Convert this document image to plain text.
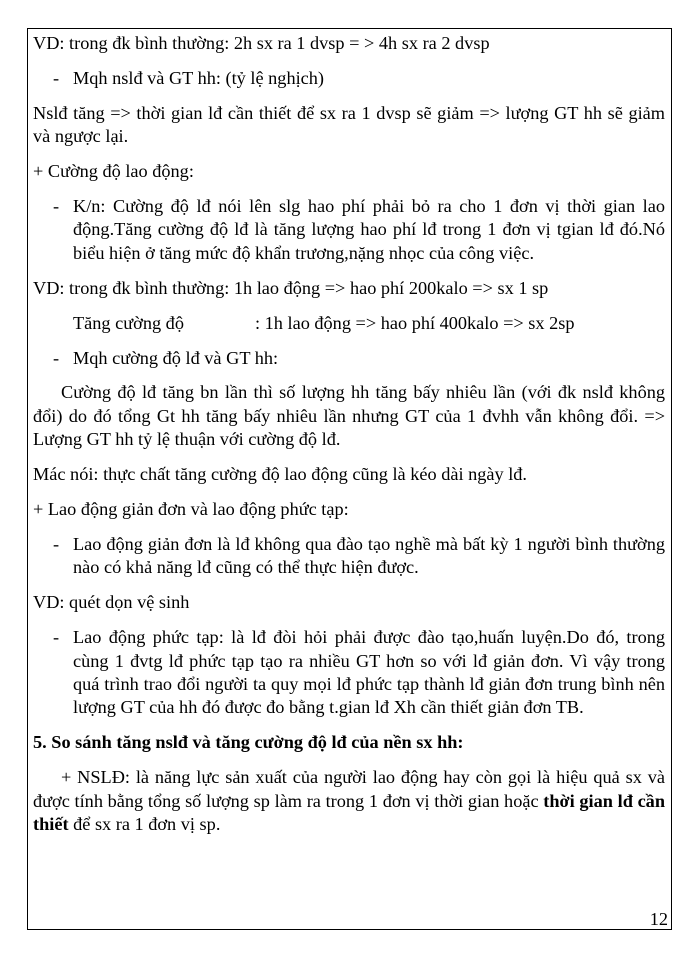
VD: trong đk bình thường: 2h sx ra 1 dvsp = > 4h sx ra 2 dvsp

- Mqh nslđ và GT hh: (tỷ lệ nghịch)

Nslđ tăng => thời gian lđ cần thiết để sx ra 1 dvsp sẽ giảm => lượng GT hh sẽ giảm và ngược lại.

+ Cường độ lao động:

- K/n: Cường độ lđ nói lên slg hao phí phải bỏ ra cho 1 đơn vị thời gian lao động.Tăng cường độ lđ là tăng lượng hao phí lđ trong 1 đơn vị tgian lđ đó.Nó biểu hiện ở tăng mức độ khẩn trương,nặng nhọc của công việc.

VD: trong đk bình thường: 1h lao động => hao phí 200kalo => sx 1 sp

Tăng cường độ	: 1h lao động => hao phí 400kalo => sx 2sp

- Mqh cường độ lđ và GT hh:

Cường độ lđ tăng bn lần thì số lượng hh tăng bấy nhiêu lần (với đk nslđ không đổi) do đó tổng Gt hh tăng bấy nhiêu lần nhưng GT của 1 đvhh vẫn không đổi. => Lượng GT hh tỷ lệ thuận với cường độ lđ.

Mác nói: thực chất tăng cường độ lao động cũng là kéo dài ngày lđ.

+ Lao động giản đơn và lao động phức tạp:

- Lao động giản đơn là lđ không qua đào tạo nghề mà bất kỳ 1 người bình thường nào có khả năng lđ cũng có thể thực hiện được.

VD: quét dọn vệ sinh

- Lao động phức tạp: là lđ đòi hỏi phải được đào tạo,huấn luyện.Do đó, trong cùng 1 đvtg lđ phức tạp tạo ra nhiều GT hơn so với lđ giản đơn. Vì vậy trong quá trình trao đổi người ta quy mọi lđ phức tạp thành lđ giản đơn trung bình nên lượng GT của hh đó được đo bằng t.gian lđ Xh cần thiết giản đơn TB.

5. So sánh tăng nslđ và tăng cường độ lđ của nền sx hh:

+ NSLĐ: là năng lực sản xuất của người lao động hay còn gọi là hiệu quả sx và được tính bằng tổng số lượng sp làm ra trong 1 đơn vị thời gian hoặc thời gian lđ cần thiết để sx ra 1 đơn vị sp.

12
